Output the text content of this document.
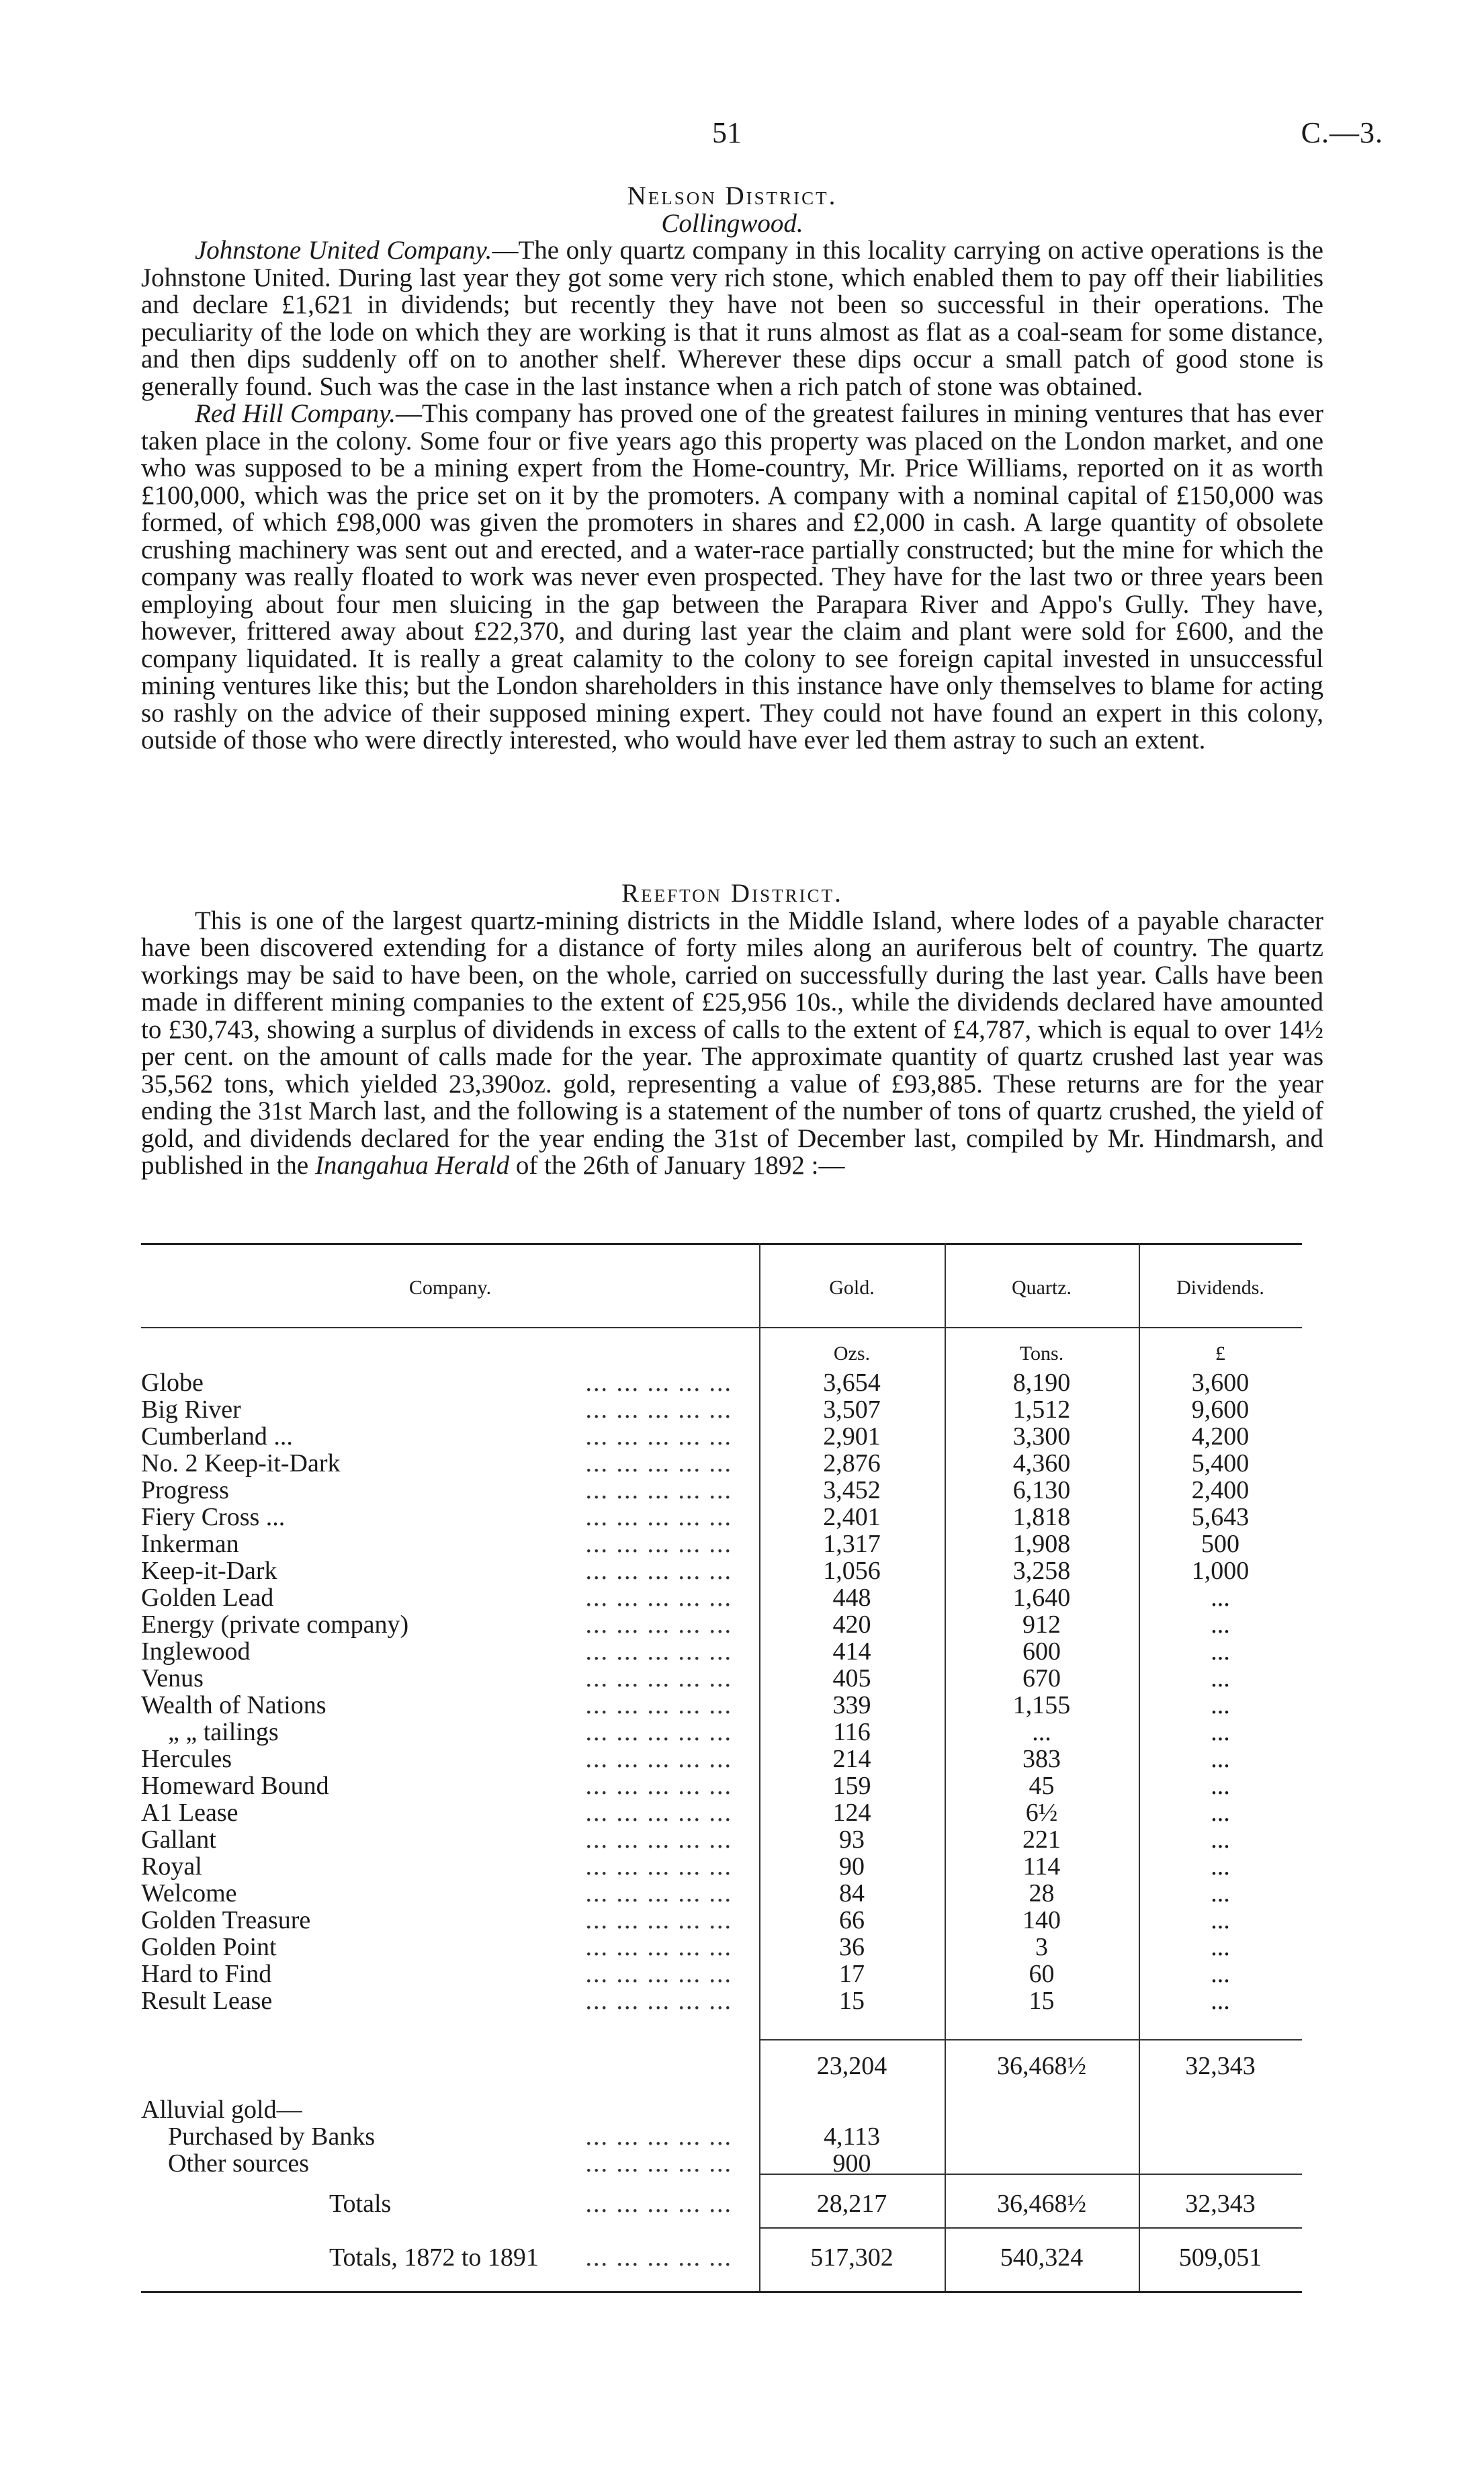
51	C.—3.
Nelson District.
Collingwood.

Johnstone United Company.—The only quartz company in this locality carrying on active operations is the Johnstone United. During last year they got some very rich stone, which enabled them to pay off their liabilities and declare £1,621 in dividends; but recently they have not been so successful in their operations. The peculiarity of the lode on which they are working is that it runs almost as flat as a coal-seam for some distance, and then dips suddenly off on to another shelf. Wherever these dips occur a small patch of good stone is generally found. Such was the case in the last instance when a rich patch of stone was obtained.

Red Hill Company.—This company has proved one of the greatest failures in mining ventures that has ever taken place in the colony. Some four or five years ago this property was placed on the London market, and one who was supposed to be a mining expert from the Home-country, Mr. Price Williams, reported on it as worth £100,000, which was the price set on it by the promoters. A company with a nominal capital of £150,000 was formed, of which £98,000 was given the promoters in shares and £2,000 in cash. A large quantity of obsolete crushing machinery was sent out and erected, and a water-race partially constructed; but the mine for which the company was really floated to work was never even prospected. They have for the last two or three years been employing about four men sluicing in the gap between the Parapara River and Appo's Gully. They have, however, frittered away about £22,370, and during last year the claim and plant were sold for £600, and the company liquidated. It is really a great calamity to the colony to see foreign capital invested in unsuccessful mining ventures like this; but the London shareholders in this instance have only themselves to blame for acting so rashly on the advice of their supposed mining expert. They could not have found an expert in this colony, outside of those who were directly interested, who would have ever led them astray to such an extent.

Reefton District.

This is one of the largest quartz-mining districts in the Middle Island, where lodes of a payable character have been discovered extending for a distance of forty miles along an auriferous belt of country. The quartz workings may be said to have been, on the whole, carried on successfully during the last year. Calls have been made in different mining companies to the extent of £25,956 10s., while the dividends declared have amounted to £30,743, showing a surplus of dividends in excess of calls to the extent of £4,787, which is equal to over 14½ per cent. on the amount of calls made for the year. The approximate quantity of quartz crushed last year was 35,562 tons, which yielded 23,390oz. gold, representing a value of £93,885. These returns are for the year ending the 31st March last, and the following is a statement of the number of tons of quartz crushed, the yield of gold, and dividends declared for the year ending the 31st of December last, compiled by Mr. Hindmarsh, and published in the Inangahua Herald of the 26th of January 1892 :—

Company.	Gold.	Quartz.	Dividends.
Ozs.	Tons.	£
Globe	... ... ... ... ...	3,654	8,190	3,600
Big River	... ... ... ... ...	3,507	1,512	9,600
Cumberland ...	... ... ... ... ...	2,901	3,300	4,200
No. 2 Keep-it-Dark	... ... ... ... ...	2,876	4,360	5,400
Progress	... ... ... ... ...	3,452	6,130	2,400
Fiery Cross ...	... ... ... ... ...	2,401	1,818	5,643
Inkerman	... ... ... ... ...	1,317	1,908	500
Keep-it-Dark	... ... ... ... ...	1,056	3,258	1,000
Golden Lead	... ... ... ... ...	448	1,640	...
Energy (private company)	... ... ... ... ...	420	912	...
Inglewood	... ... ... ... ...	414	600	...
Venus	... ... ... ... ...	405	670	...
Wealth of Nations	... ... ... ... ...	339	1,155	...
„ „ tailings	... ... ... ... ...	116	...	...
Hercules	... ... ... ... ...	214	383	...
Homeward Bound	... ... ... ... ...	159	45	...
A1 Lease	... ... ... ... ...	124	6½	...
Gallant	... ... ... ... ...	93	221	...
Royal	... ... ... ... ...	90	114	...
Welcome	... ... ... ... ...	84	28	...
Golden Treasure	... ... ... ... ...	66	140	...
Golden Point	... ... ... ... ...	36	3	...
Hard to Find	... ... ... ... ...	17	60	...
Result Lease	... ... ... ... ...	15	15	...
23,204	36,468½	32,343
Alluvial gold—
Purchased by Banks	... ... ... ... ...	4,113
Other sources	... ... ... ... ...	900
Totals	... ... ... ... ...	28,217	36,468½	32,343
Totals, 1872 to 1891	... ... ... ... ...	517,302	540,324	509,051
